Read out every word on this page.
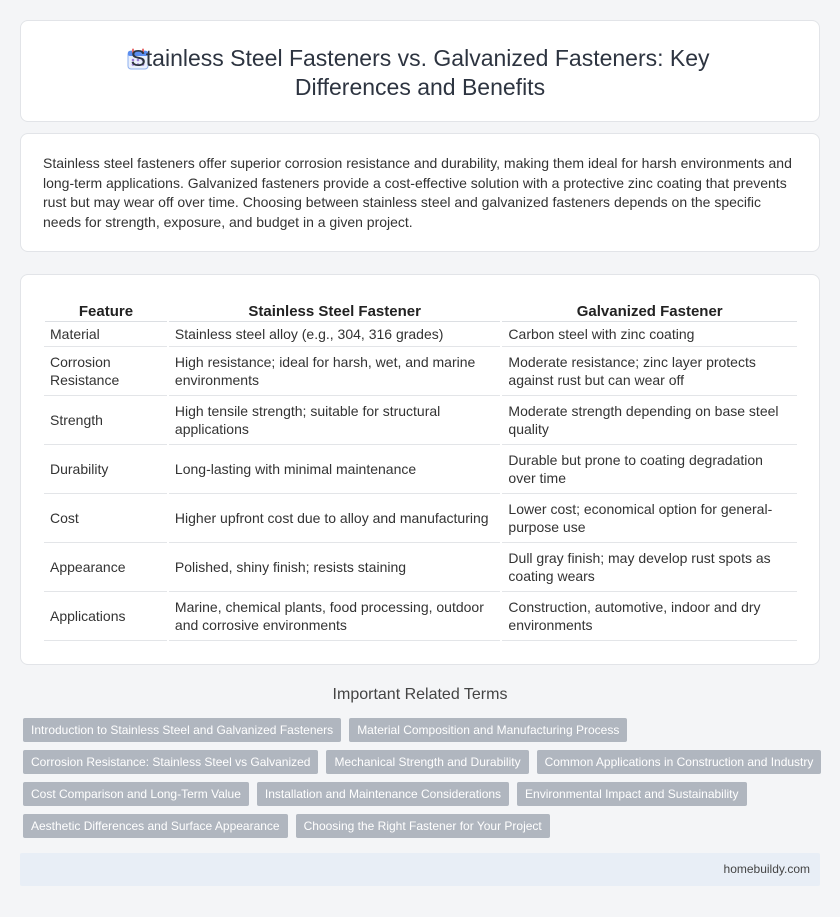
Stainless Steel Fasteners vs. Galvanized Fasteners: Key Differences and Benefits

Stainless steel fasteners offer superior corrosion resistance and durability, making them ideal for harsh environments and long-term applications. Galvanized fasteners provide a cost-effective solution with a protective zinc coating that prevents rust but may wear off over time. Choosing between stainless steel and galvanized fasteners depends on the specific needs for strength, exposure, and budget in a given project.

Feature	Stainless Steel Fastener	Galvanized Fastener
Material	Stainless steel alloy (e.g., 304, 316 grades)	Carbon steel with zinc coating
Corrosion Resistance	High resistance; ideal for harsh, wet, and marine environments	Moderate resistance; zinc layer protects against rust but can wear off
Strength	High tensile strength; suitable for structural applications	Moderate strength depending on base steel quality
Durability	Long-lasting with minimal maintenance	Durable but prone to coating degradation over time
Cost	Higher upfront cost due to alloy and manufacturing	Lower cost; economical option for general-purpose use
Appearance	Polished, shiny finish; resists staining	Dull gray finish; may develop rust spots as coating wears
Applications	Marine, chemical plants, food processing, outdoor and corrosive environments	Construction, automotive, indoor and dry environments
Important Related Terms
Introduction to Stainless Steel and Galvanized Fasteners Material Composition and Manufacturing Process
Corrosion Resistance: Stainless Steel vs Galvanized Mechanical Strength and Durability Common Applications in Construction and Industry
Cost Comparison and Long-Term Value Installation and Maintenance Considerations Environmental Impact and Sustainability
Aesthetic Differences and Surface Appearance Choosing the Right Fastener for Your Project
homebuildy.com
